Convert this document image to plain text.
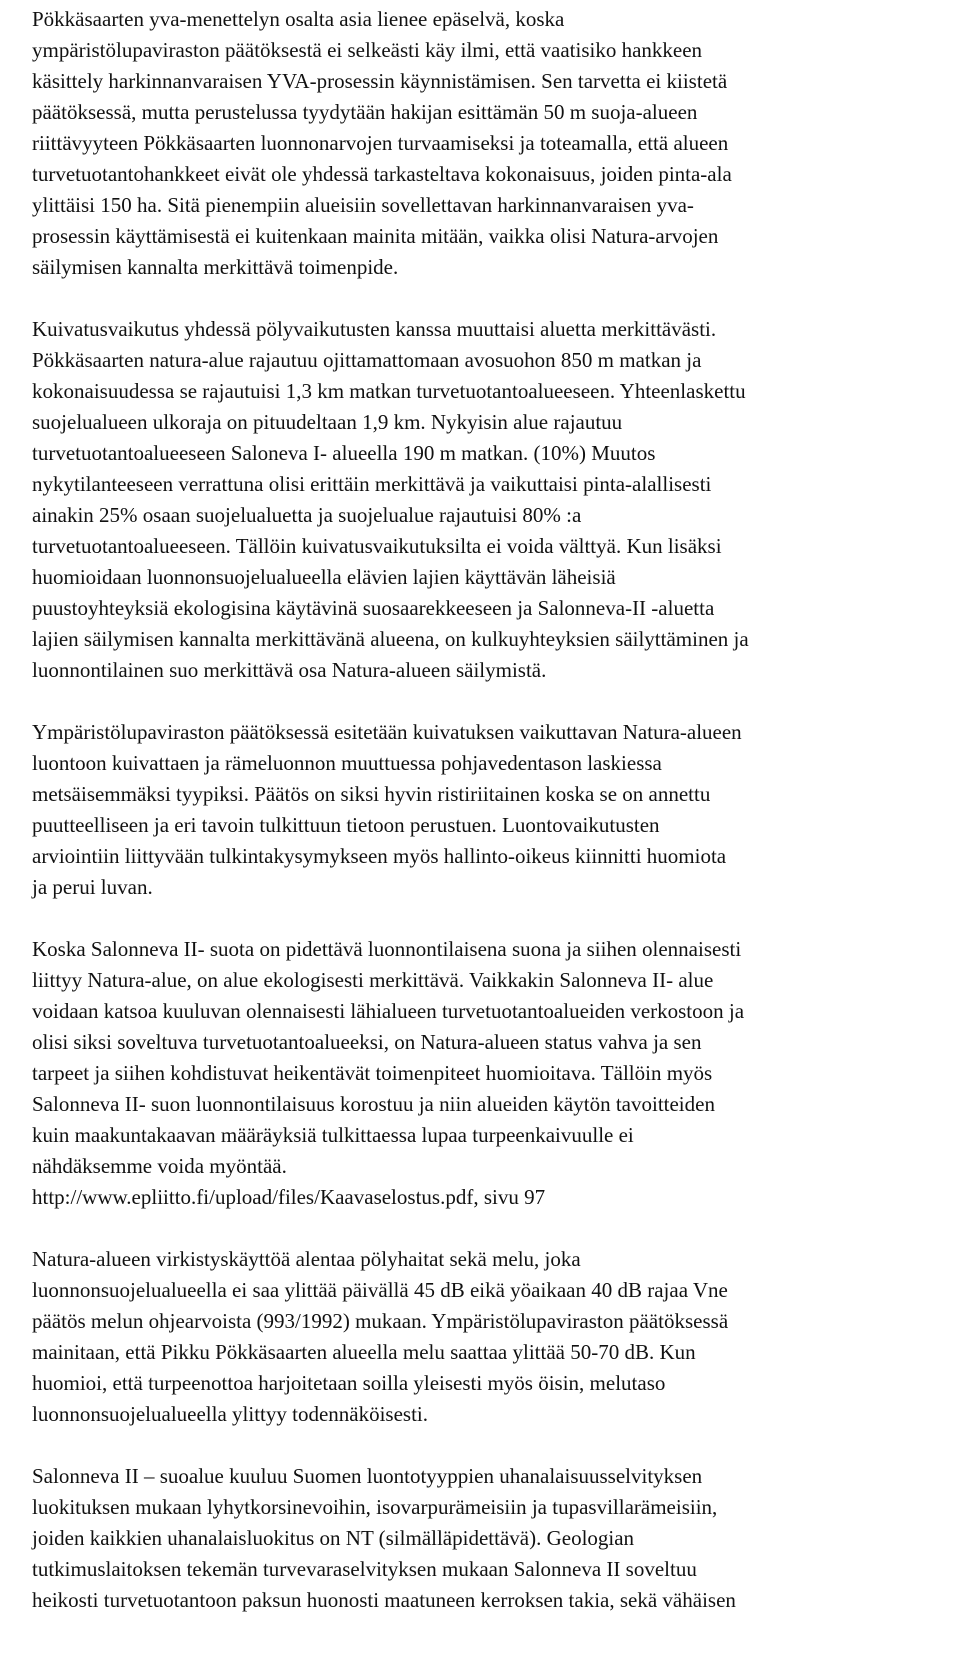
Pökkäsaarten yva-menettelyn osalta asia lienee epäselvä, koska
ympäristölupaviraston päätöksestä ei selkeästi käy ilmi, että vaatisiko hankkeen
käsittely harkinnanvaraisen YVA-prosessin käynnistämisen. Sen tarvetta ei kiistetä
päätöksessä, mutta perustelussa tyydytään hakijan esittämän 50 m suoja-alueen
riittävyyteen Pökkäsaarten luonnonarvojen turvaamiseksi ja toteamalla, että alueen
turvetuotantohankkeet eivät ole yhdessä tarkasteltava kokonaisuus, joiden pinta-ala
ylittäisi 150 ha. Sitä pienempiin alueisiin sovellettavan harkinnanvaraisen yva-
prosessin käyttämisestä ei kuitenkaan mainita mitään, vaikka olisi Natura-arvojen
säilymisen kannalta merkittävä toimenpide.

Kuivatusvaikutus yhdessä pölyvaikutusten kanssa muuttaisi aluetta merkittävästi.
Pökkäsaarten natura-alue rajautuu ojittamattomaan avosuohon 850 m matkan ja
kokonaisuudessa se rajautuisi 1,3 km matkan turvetuotantoalueeseen. Yhteenlaskettu
suojelualueen ulkoraja on pituudeltaan 1,9 km. Nykyisin alue rajautuu
turvetuotantoalueeseen Saloneva I- alueella 190 m matkan. (10%) Muutos
nykytilanteeseen verrattuna olisi erittäin merkittävä ja vaikuttaisi pinta-alallisesti
ainakin 25% osaan suojelualuetta ja suojelualue rajautuisi 80% :a
turvetuotantoalueeseen. Tällöin kuivatusvaikutuksilta ei voida välttyä. Kun lisäksi
huomioidaan luonnonsuojelualueella elävien lajien käyttävän läheisiä
puustoyhteyksiä ekologisina käytävinä suosaarekkeeseen ja Salonneva-II -aluetta
lajien säilymisen kannalta merkittävänä alueena, on kulkuyhteyksien säilyttäminen ja
luonnontilainen suo merkittävä osa Natura-alueen säilymistä.

Ympäristölupaviraston päätöksessä esitetään kuivatuksen vaikuttavan Natura-alueen
luontoon kuivattaen ja rämeluonnon muuttuessa pohjavedentason laskiessa
metsäisemmäksi tyypiksi. Päätös on siksi hyvin ristiriitainen koska se on annettu
puutteelliseen ja eri tavoin tulkittuun tietoon perustuen. Luontovaikutusten
arviointiin liittyvään tulkintakysymykseen myös hallinto-oikeus kiinnitti huomiota
ja perui luvan.

Koska Salonneva II- suota on pidettävä luonnontilaisena suona ja siihen olennaisesti
liittyy Natura-alue, on alue ekologisesti merkittävä. Vaikkakin Salonneva II- alue
voidaan katsoa kuuluvan olennaisesti lähialueen turvetuotantoalueiden verkostoon ja
olisi siksi soveltuva turvetuotantoalueeksi, on Natura-alueen status vahva ja sen
tarpeet ja siihen kohdistuvat heikentävät toimenpiteet huomioitava. Tällöin myös
Salonneva II- suon luonnontilaisuus korostuu ja niin alueiden käytön tavoitteiden
kuin maakuntakaavan määräyksiä tulkittaessa lupaa turpeenkaivuulle ei
nähdäksemme voida myöntää.
http://www.epliitto.fi/upload/files/Kaavaselostus.pdf, sivu 97

Natura-alueen virkistyskäyttöä alentaa pölyhaitat sekä melu, joka
luonnonsuojelualueella ei saa ylittää päivällä 45 dB eikä yöaikaan 40 dB rajaa Vne
päätös melun ohjearvoista (993/1992) mukaan. Ympäristölupaviraston päätöksessä
mainitaan, että Pikku Pökkäsaarten alueella melu saattaa ylittää 50-70 dB. Kun
huomioi, että turpeenottoa harjoitetaan soilla yleisesti myös öisin, melutaso
luonnonsuojelualueella ylittyy todennäköisesti.

Salonneva II – suoalue kuuluu Suomen luontotyyppien uhanalaisuusselvityksen
luokituksen mukaan lyhytkorsinevoihin, isovarpurämeisiin ja tupasvillarämeisiin,
joiden kaikkien uhanalaisluokitus on NT (silmälläpidettävä). Geologian
tutkimuslaitoksen tekemän turvevaraselvityksen mukaan Salonneva II soveltuu
heikosti turvetuotantoon paksun huonosti maatuneen kerroksen takia, sekä vähäisen
